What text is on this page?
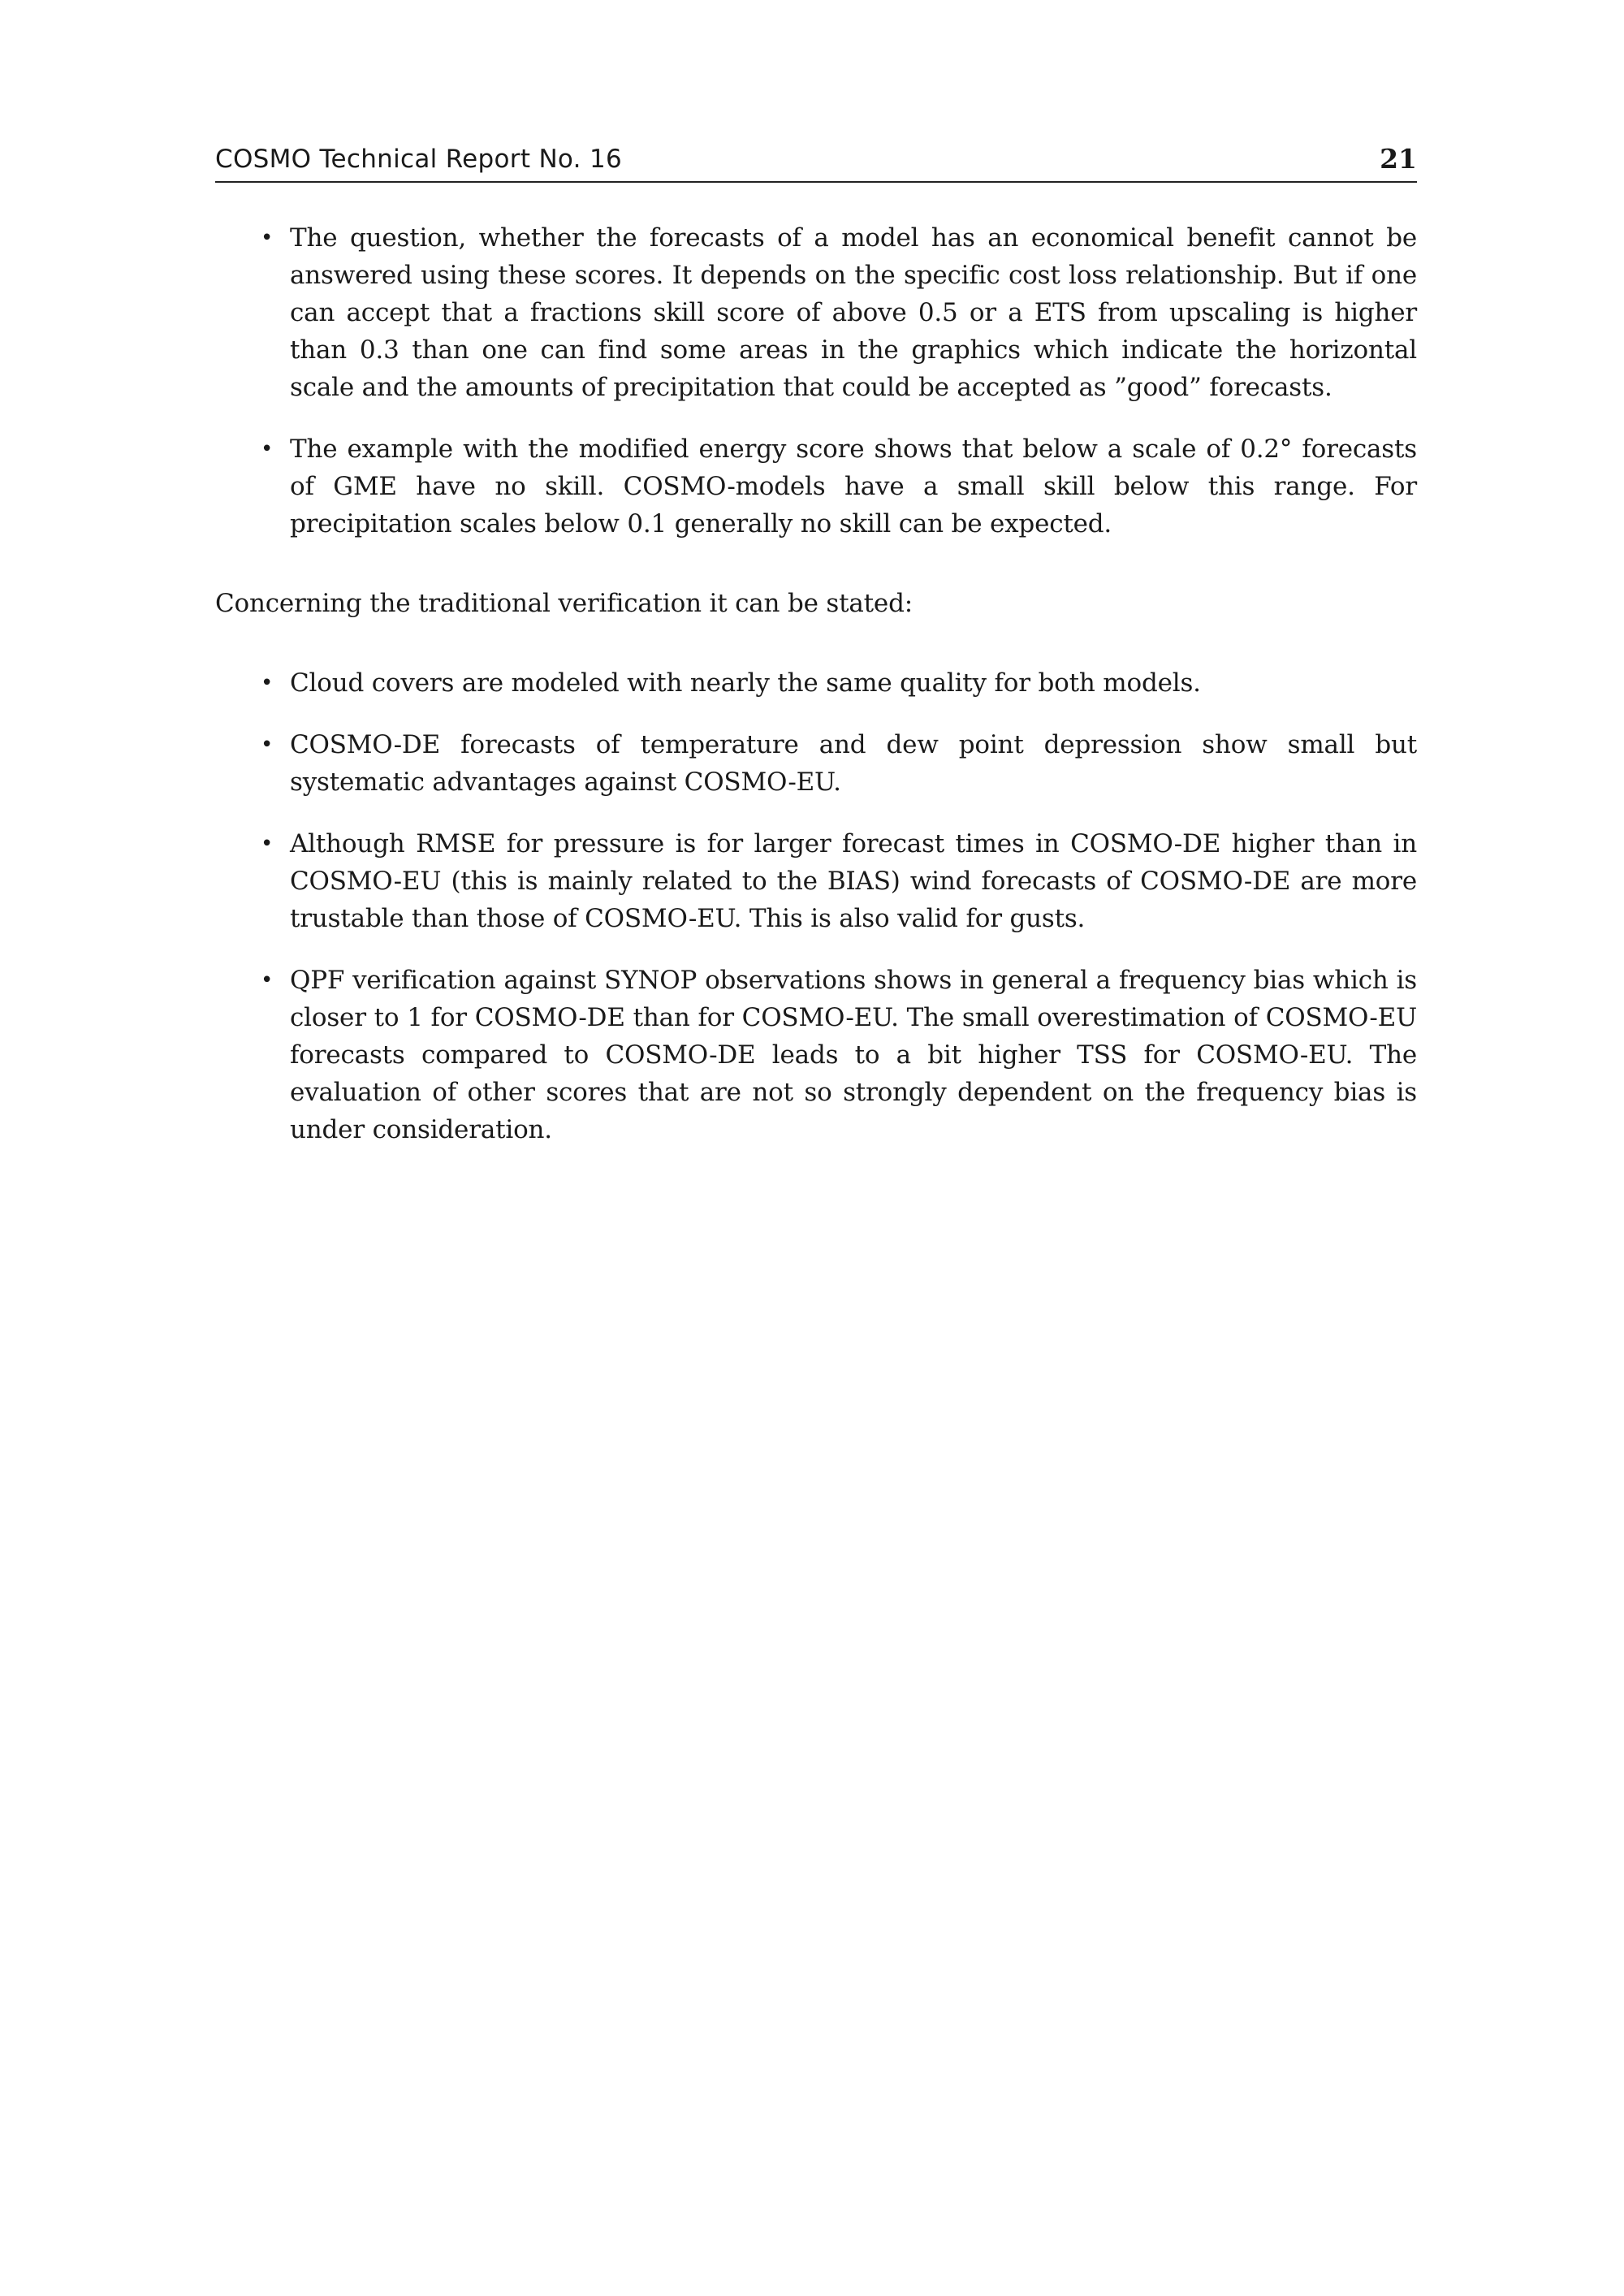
COSMO Technical Report No. 16	21
• The question, whether the forecasts of a model has an economical benefit cannot be answered using these scores. It depends on the specific cost loss relationship. But if one can accept that a fractions skill score of above 0.5 or a ETS from upscaling is higher than 0.3 than one can find some areas in the graphics which indicate the horizontal scale and the amounts of precipitation that could be accepted as ”good” forecasts.
• The example with the modified energy score shows that below a scale of 0.2° forecasts of GME have no skill. COSMO-models have a small skill below this range. For precipitation scales below 0.1 generally no skill can be expected.

Concerning the traditional verification it can be stated:

• Cloud covers are modeled with nearly the same quality for both models.
• COSMO-DE forecasts of temperature and dew point depression show small but systematic advantages against COSMO-EU.
• Although RMSE for pressure is for larger forecast times in COSMO-DE higher than in COSMO-EU (this is mainly related to the BIAS) wind forecasts of COSMO-DE are more trustable than those of COSMO-EU. This is also valid for gusts.
• QPF verification against SYNOP observations shows in general a frequency bias which is closer to 1 for COSMO-DE than for COSMO-EU. The small overestimation of COSMO-EU forecasts compared to COSMO-DE leads to a bit higher TSS for COSMO-EU. The evaluation of other scores that are not so strongly dependent on the frequency bias is under consideration.
